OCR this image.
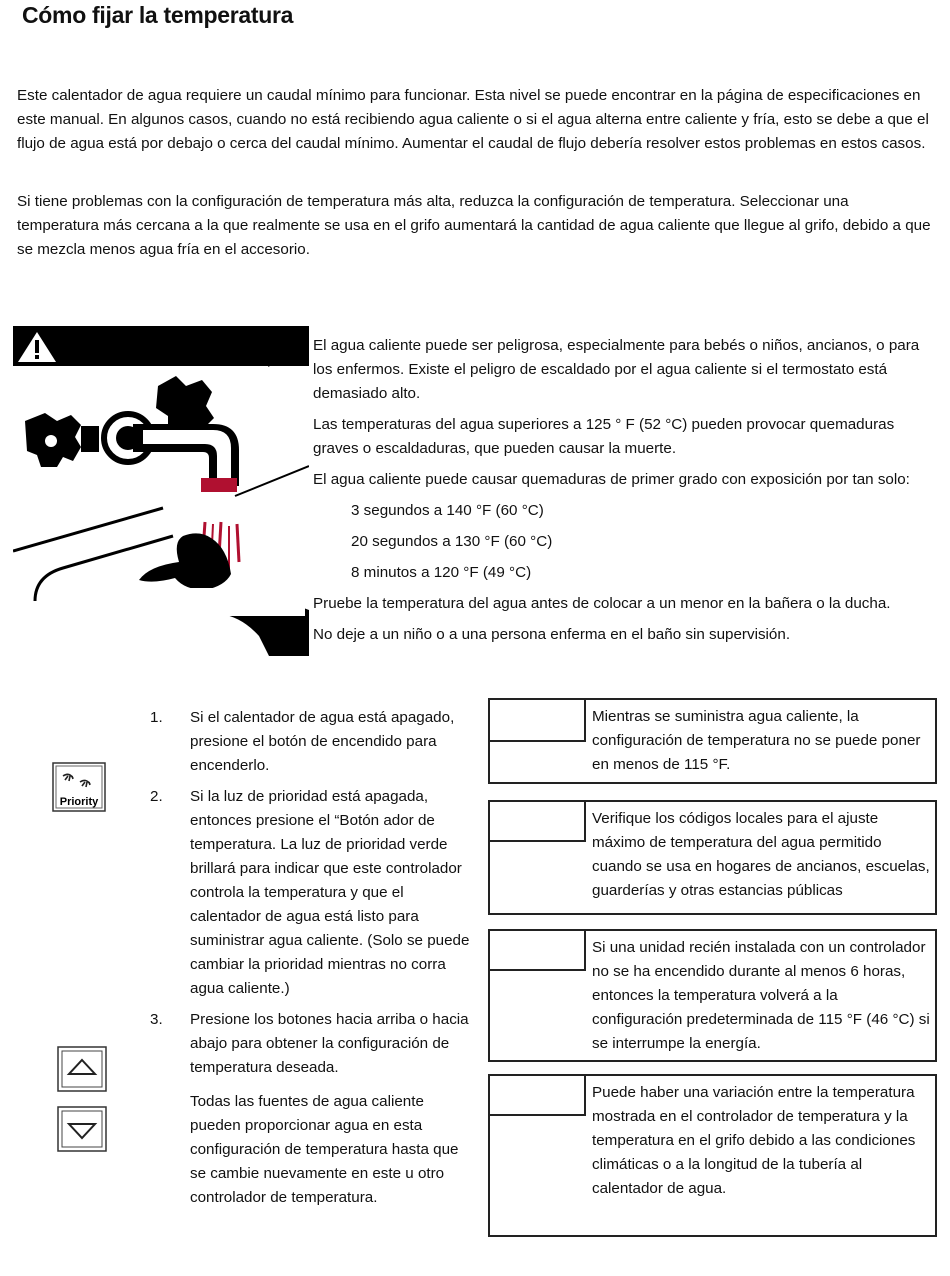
Cómo fijar la temperatura
Este calentador de agua requiere un caudal mínimo para funcionar. Esta nivel se puede encontrar en la página de especificaciones en este manual. En algunos casos, cuando no está recibiendo agua caliente o si el agua alterna entre caliente y fría, esto se debe a que el flujo de agua está por debajo o cerca del caudal mínimo. Aumentar el caudal de flujo debería resolver estos problemas en estos casos.
Si tiene problemas con la configuración de temperatura más alta, reduzca la configuración de temperatura. Seleccionar una temperatura más cercana a la que realmente se usa en el grifo aumentará la cantidad de agua caliente que llegue al grifo, debido a que se mezcla menos agua fría en el accesorio.

El agua caliente puede ser peligrosa, especialmente para bebés o niños, ancianos, o para los enfermos. Existe el peligro de escaldado por el agua caliente si el termostato está demasiado alto.

Las temperaturas del agua superiores a 125 ° F (52 °C) pueden provocar quemaduras graves o escaldaduras, que pueden causar la muerte.

El agua caliente puede causar quemaduras de primer grado con exposición por tan solo:

3 segundos a 140 °F (60 °C)

20 segundos a 130 °F (60 °C)

8 minutos a 120 °F (49 °C)

Pruebe la temperatura del agua antes de colocar a un menor en la bañera o la ducha.

No deje a un niño o a una persona enferma en el baño sin supervisión.

Priority
1.	Si el calentador de agua está apagado, presione el botón de encendido para encenderlo.
2.	Si la luz de prioridad está apagada, entonces presione el “Botón ador de temperatura. La luz de prioridad verde brillará para indicar que este controlador controla la temperatura y que el calentador de agua está listo para suministrar agua caliente. (Solo se puede cambiar la prioridad mientras no corra agua caliente.)
3.	Presione los botones hacia arriba o hacia abajo para obtener la configuración de temperatura deseada.
Todas las fuentes de agua caliente pueden proporcionar agua en esta configuración de temperatura hasta que se cambie nuevamente en este u otro controlador de temperatura.
Mientras se suministra agua caliente, la configuración de temperatura no se puede poner en menos de 115 °F.
Verifique los códigos locales para el ajuste máximo de temperatura del agua permitido cuando se usa en hogares de ancianos, escuelas, guarderías y otras estancias públicas
Si una unidad recién instalada con un controlador no se ha encendido durante al menos 6 horas, entonces la temperatura volverá a la configuración predeterminada de 115 °F (46 °C) si se interrumpe la energía.
Puede haber una variación entre la temperatura mostrada en el controlador de temperatura y la temperatura en el grifo debido a las condiciones climáticas o a la longitud de la tubería al calentador de agua.
